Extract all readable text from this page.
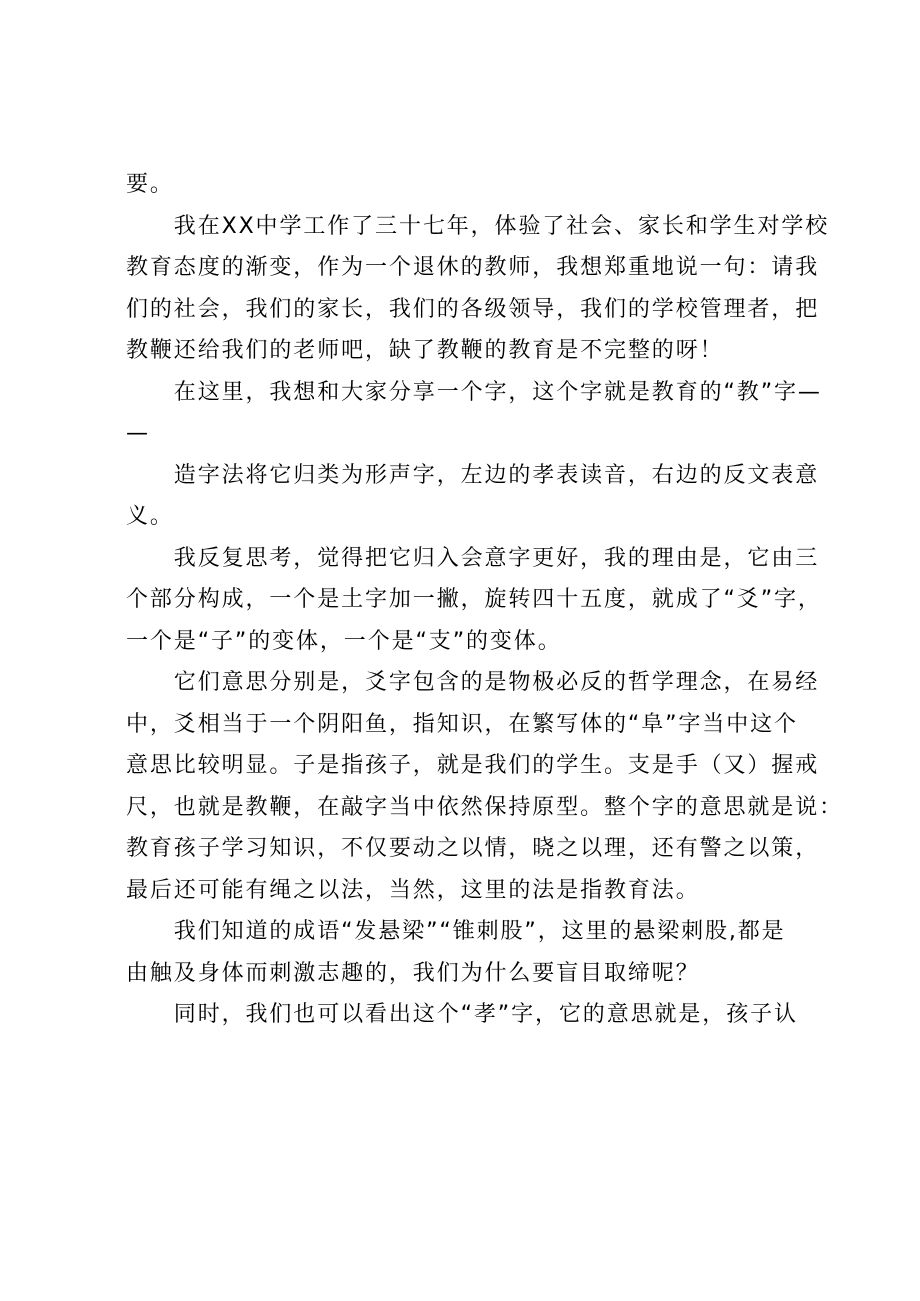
要。
　　我在XX中学工作了三十七年，体验了社会、家长和学生对学校
教育态度的渐变，作为一个退休的教师，我想郑重地说一句：请我
们的社会，我们的家长，我们的各级领导，我们的学校管理者，把
教鞭还给我们的老师吧，缺了教鞭的教育是不完整的呀！
　　在这里，我想和大家分享一个字，这个字就是教育的“教”字—
—
　　造字法将它归类为形声字，左边的孝表读音，右边的反文表意
义。
　　我反复思考，觉得把它归入会意字更好，我的理由是，它由三
个部分构成，一个是土字加一撇，旋转四十五度，就成了“爻”字，
一个是“子”的变体，一个是“支”的变体。
　　它们意思分别是，爻字包含的是物极必反的哲学理念，在易经
中，爻相当于一个阴阳鱼，指知识，在繁写体的“阜”字当中这个
意思比较明显。子是指孩子，就是我们的学生。支是手（又）握戒
尺，也就是教鞭，在敲字当中依然保持原型。整个字的意思就是说：
教育孩子学习知识，不仅要动之以情，晓之以理，还有警之以策，
最后还可能有绳之以法，当然，这里的法是指教育法。
　　我们知道的成语“发悬梁”“锥刺股”，这里的悬梁刺股,都是
由触及身体而刺激志趣的，我们为什么要盲目取缔呢？
　　同时，我们也可以看出这个“孝”字，它的意思就是，孩子认
